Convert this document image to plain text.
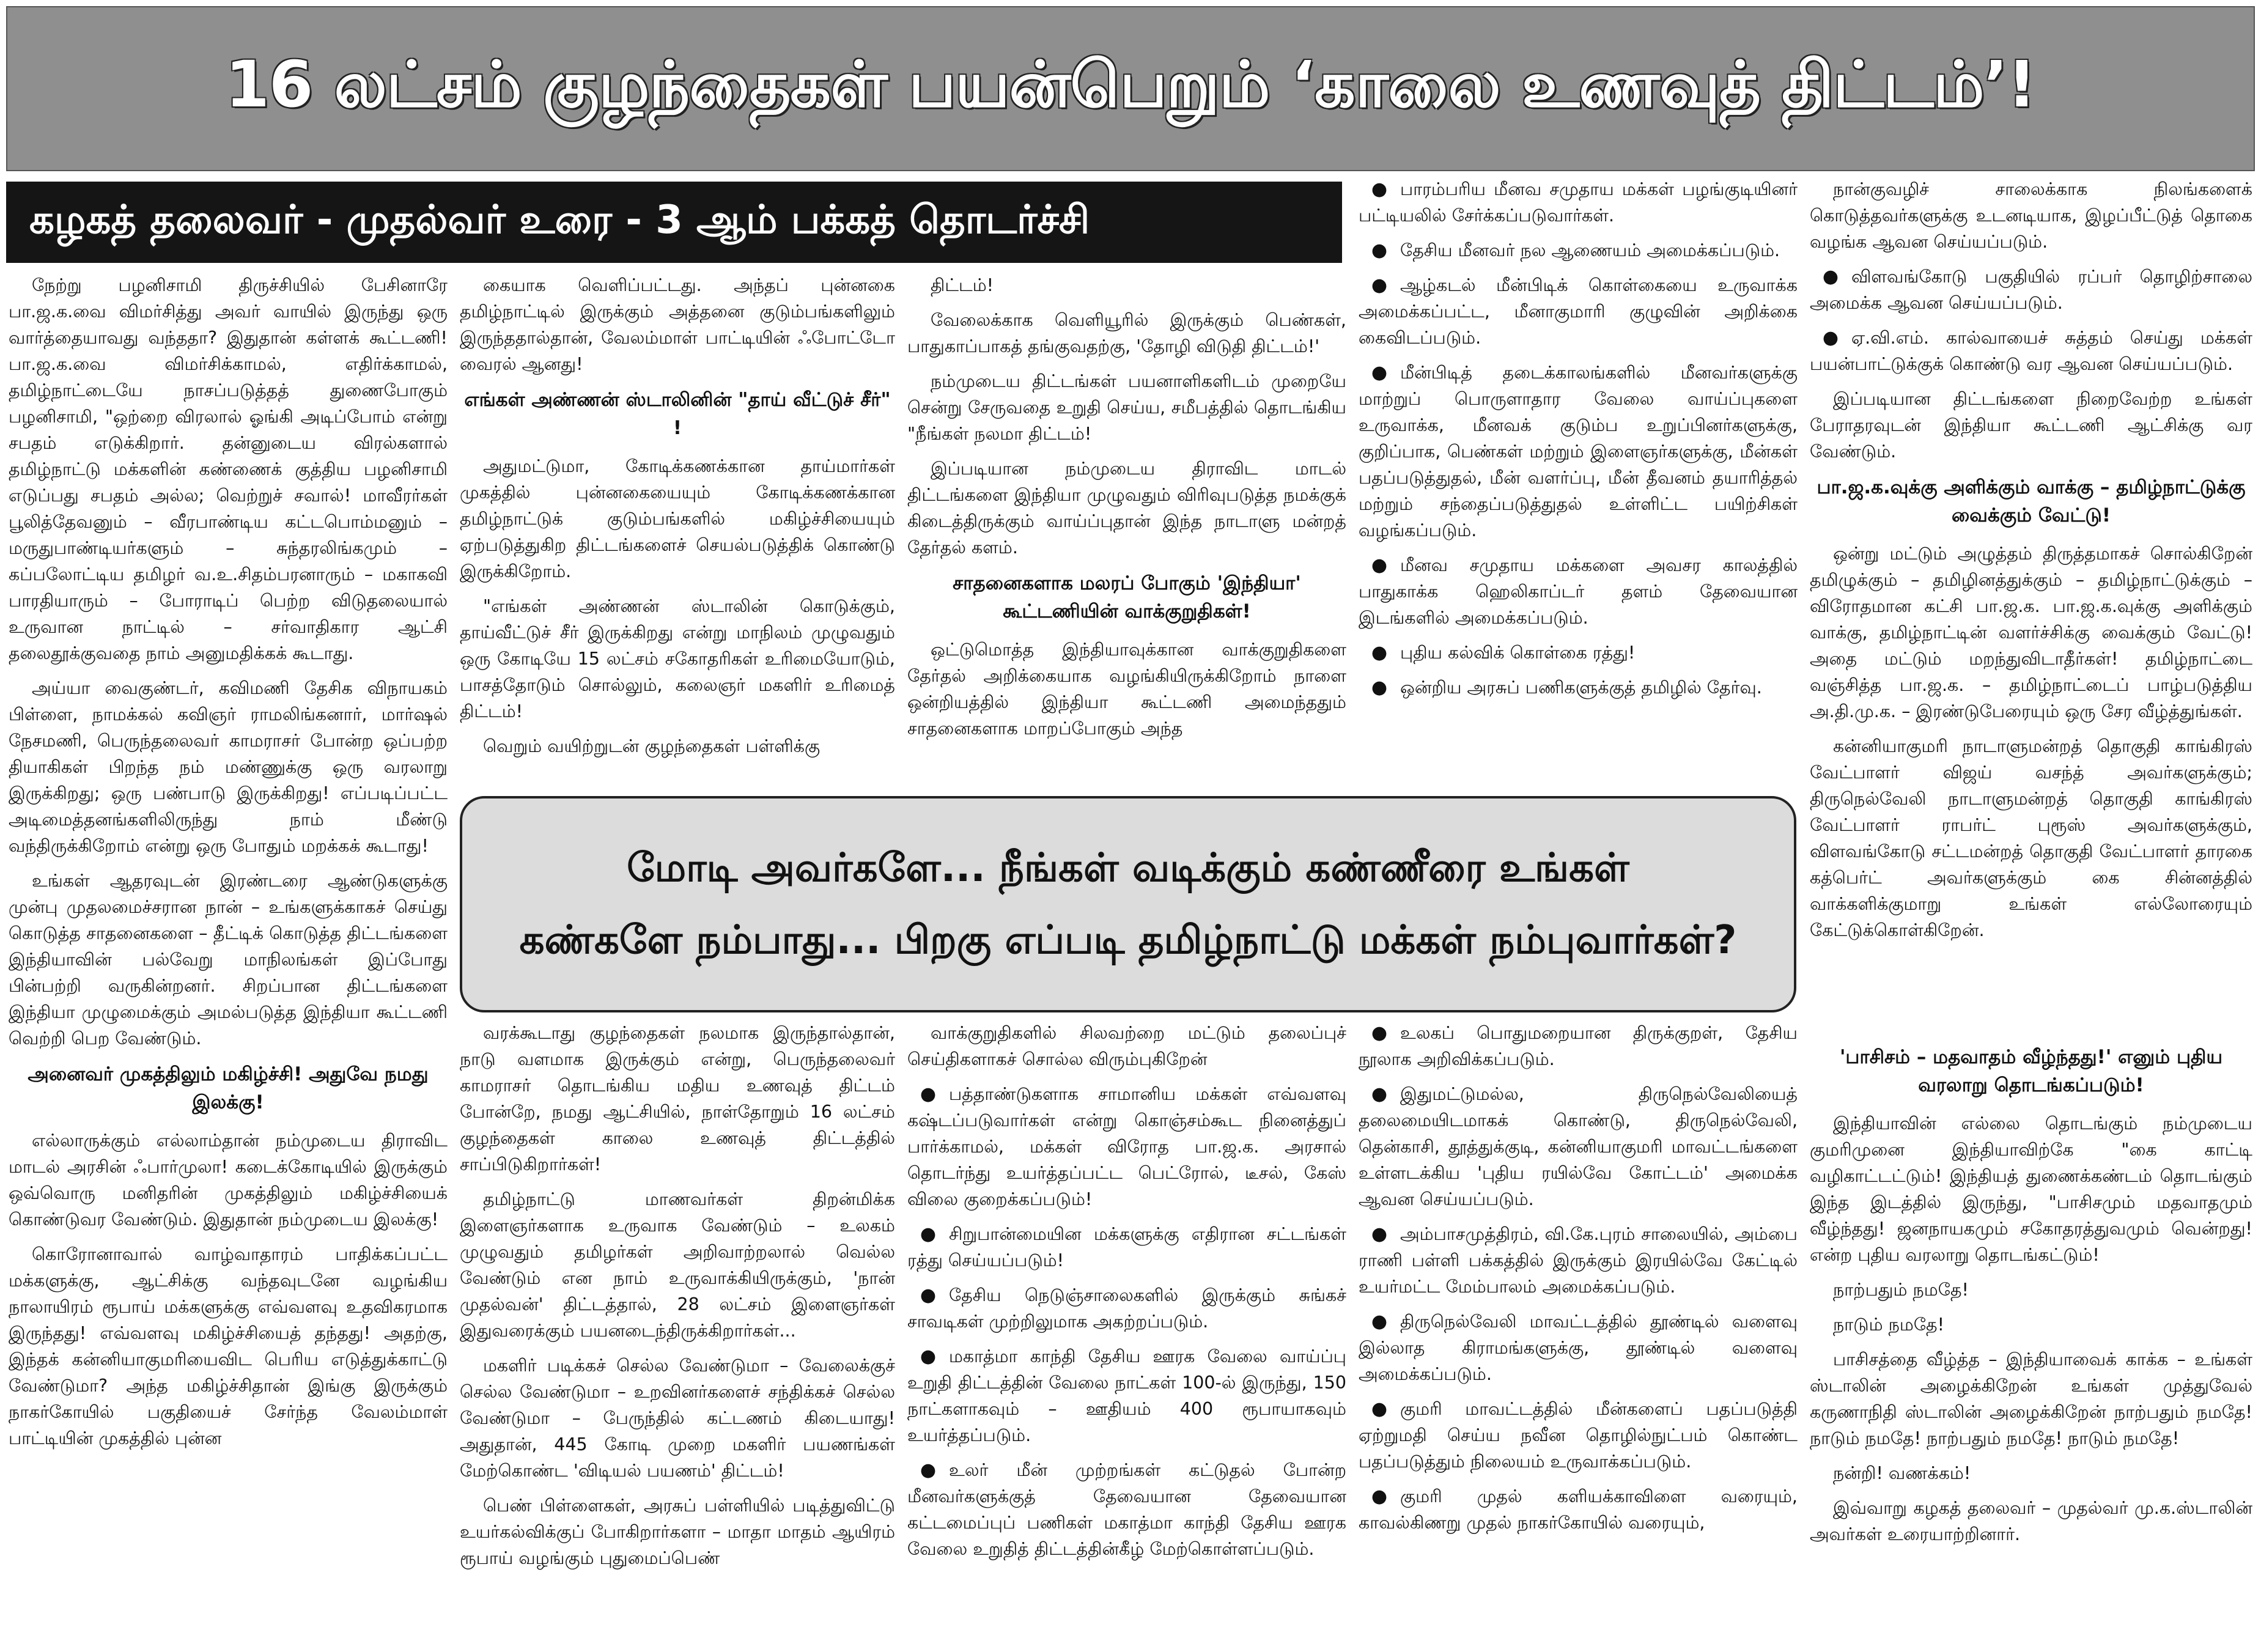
16 லட்சம் குழந்தைகள் பயன்பெறும் ‘காலை உணவுத் திட்டம்’!
கழகத் தலைவர் - முதல்வர் உரை - 3 ஆம் பக்கத் தொடர்ச்சி

நேற்று பழனிசாமி திருச்சியில் பேசினாரே பா.ஜ.க.வை விமர்சித்து அவர் வாயில் இருந்து ஒரு வார்த்தையாவது வந்ததா? இதுதான் கள்ளக் கூட்டணி! பா.ஜ.க.வை விமர்சிக்காமல், எதிர்க்காமல், தமிழ்நாட்டையே நாசப்படுத்தத் துணைபோகும் பழனிசாமி, "ஒற்றை விரலால் ஓங்கி அடிப்போம் என்று சபதம் எடுக்கிறார். தன்னுடைய விரல்களால் தமிழ்நாட்டு மக்களின் கண்ணைக் குத்திய பழனிசாமி எடுப்பது சபதம் அல்ல; வெற்றுச் சவால்! மாவீரர்கள் பூலித்தேவனும் – வீரபாண்டிய கட்டபொம்மனும் – மருதுபாண்டியர்களும் – சுந்தரலிங்கமும் – கப்பலோட்டிய தமிழர் வ.உ.சிதம்பரனாரும் – மகாகவி பாரதியாரும் – போராடிப் பெற்ற விடுதலையால் உருவான நாட்டில் – சர்வாதிகார ஆட்சி தலைதூக்குவதை நாம் அனுமதிக்கக் கூடாது.

அய்யா வைகுண்டர், கவிமணி தேசிக விநாயகம் பிள்ளை, நாமக்கல் கவிஞர் ராமலிங்கனார், மார்ஷல் நேசமணி, பெருந்தலைவர் காமராசர் போன்ற ஒப்பற்ற தியாகிகள் பிறந்த நம் மண்ணுக்கு ஒரு வரலாறு இருக்கிறது; ஒரு பண்பாடு இருக்கிறது! எப்படிப்பட்ட அடிமைத்தனங்களிலிருந்து நாம் மீண்டு வந்திருக்கிறோம் என்று ஒரு போதும் மறக்கக் கூடாது!

உங்கள் ஆதரவுடன் இரண்டரை ஆண்டுகளுக்கு முன்பு முதலமைச்சரான நான் – உங்களுக்காகச் செய்து கொடுத்த சாதனைகளை – தீட்டிக் கொடுத்த திட்டங்களை இந்தியாவின் பல்வேறு மாநிலங்கள் இப்போது பின்பற்றி வருகின்றனர். சிறப்பான திட்டங்களை இந்தியா முழுமைக்கும் அமல்படுத்த இந்தியா கூட்டணி வெற்றி பெற வேண்டும்.

அனைவர் முகத்திலும் மகிழ்ச்சி! அதுவே நமது இலக்கு!

எல்லாருக்கும் எல்லாம்தான் நம்முடைய திராவிட மாடல் அரசின் ஃபார்முலா! கடைக்கோடியில் இருக்கும் ஒவ்வொரு மனிதரின் முகத்திலும் மகிழ்ச்சியைக் கொண்டுவர வேண்டும். இதுதான் நம்முடைய இலக்கு!

கொரோனாவால் வாழ்வாதாரம் பாதிக்கப்பட்ட மக்களுக்கு, ஆட்சிக்கு வந்தவுடனே வழங்கிய நாலாயிரம் ரூபாய் மக்களுக்கு எவ்வளவு உதவிகரமாக இருந்தது! எவ்வளவு மகிழ்ச்சியைத் தந்தது! அதற்கு, இந்தக் கன்னியாகுமரியைவிட பெரிய எடுத்துக்காட்டு வேண்டுமா? அந்த மகிழ்ச்சிதான் இங்கு இருக்கும் நாகர்கோயில் பகுதியைச் சேர்ந்த வேலம்மாள் பாட்டியின் முகத்தில் புன்ன

கையாக வெளிப்பட்டது. அந்தப் புன்னகை தமிழ்நாட்டில் இருக்கும் அத்தனை குடும்பங்களிலும் இருந்ததால்தான், வேலம்மாள் பாட்டியின் ஃபோட்டோ வைரல் ஆனது!

எங்கள் அண்ணன் ஸ்டாலினின் "தாய் வீட்டுச் சீர்" !

அதுமட்டுமா, கோடிக்கணக்கான தாய்மார்கள் முகத்தில் புன்னகையையும் கோடிக்கணக்கான தமிழ்நாட்டுக் குடும்பங்களில் மகிழ்ச்சியையும் ஏற்படுத்துகிற திட்டங்களைச் செயல்படுத்திக் கொண்டு இருக்கிறோம்.

"எங்கள் அண்ணன் ஸ்டாலின் கொடுக்கும், தாய்வீட்டுச் சீர் இருக்கிறது என்று மாநிலம் முழுவதும் ஒரு கோடியே 15 லட்சம் சகோதரிகள் உரிமையோடும், பாசத்தோடும் சொல்லும், கலைஞர் மகளிர் உரிமைத் திட்டம்!

வெறும் வயிற்றுடன் குழந்தைகள் பள்ளிக்கு

திட்டம்!

வேலைக்காக வெளியூரில் இருக்கும் பெண்கள், பாதுகாப்பாகத் தங்குவதற்கு, 'தோழி விடுதி திட்டம்!'

நம்முடைய திட்டங்கள் பயனாளிகளிடம் முறையே சென்று சேருவதை உறுதி செய்ய, சமீபத்தில் தொடங்கிய "நீங்கள் நலமா திட்டம்!

இப்படியான நம்முடைய திராவிட மாடல் திட்டங்களை இந்தியா முழுவதும் விரிவுபடுத்த நமக்குக் கிடைத்திருக்கும் வாய்ப்புதான் இந்த நாடாளு மன்றத் தேர்தல் களம்.

சாதனைகளாக மலரப் போகும் 'இந்தியா' கூட்டணியின் வாக்குறுதிகள்!

ஒட்டுமொத்த இந்தியாவுக்கான வாக்குறுதிகளை தேர்தல் அறிக்கையாக வழங்கியிருக்கிறோம் நாளை ஒன்றியத்தில் இந்தியா கூட்டணி அமைந்ததும் சாதனைகளாக மாறப்போகும் அந்த

● பாரம்பரிய மீனவ சமுதாய மக்கள் பழங்குடியினர் பட்டியலில் சேர்க்கப்படுவார்கள்.

● தேசிய மீனவர் நல ஆணையம் அமைக்கப்படும்.

● ஆழ்கடல் மீன்பிடிக் கொள்கையை உருவாக்க அமைக்கப்பட்ட, மீனாகுமாரி குழுவின் அறிக்கை கைவிடப்படும்.

● மீன்பிடித் தடைக்காலங்களில் மீனவர்களுக்கு மாற்றுப் பொருளாதார வேலை வாய்ப்புகளை உருவாக்க, மீனவக் குடும்ப உறுப்பினர்களுக்கு, குறிப்பாக, பெண்கள் மற்றும் இளைஞர்களுக்கு, மீன்கள் பதப்படுத்துதல், மீன் வளர்ப்பு, மீன் தீவனம் தயாரித்தல் மற்றும் சந்தைப்படுத்துதல் உள்ளிட்ட பயிற்சிகள் வழங்கப்படும்.

● மீனவ சமுதாய மக்களை அவசர காலத்தில் பாதுகாக்க ஹெலிகாப்டர் தளம் தேவையான இடங்களில் அமைக்கப்படும்.

● புதிய கல்விக் கொள்கை ரத்து!

● ஒன்றிய அரசுப் பணிகளுக்குத் தமிழில் தேர்வு.

நான்குவழிச் சாலைக்காக நிலங்களைக் கொடுத்தவர்களுக்கு உடனடியாக, இழப்பீட்டுத் தொகை வழங்க ஆவன செய்யப்படும்.

● விளவங்கோடு பகுதியில் ரப்பர் தொழிற்சாலை அமைக்க ஆவன செய்யப்படும்.

● ஏ.வி.எம். கால்வாயைச் சுத்தம் செய்து மக்கள் பயன்பாட்டுக்குக் கொண்டு வர ஆவன செய்யப்படும்.

இப்படியான திட்டங்களை நிறைவேற்ற உங்கள் பேராதரவுடன் இந்தியா கூட்டணி ஆட்சிக்கு வர வேண்டும்.

பா.ஜ.க.வுக்கு அளிக்கும் வாக்கு – தமிழ்நாட்டுக்கு வைக்கும் வேட்டு!

ஒன்று மட்டும் அழுத்தம் திருத்தமாகச் சொல்கிறேன் தமிழுக்கும் – தமிழினத்துக்கும் – தமிழ்நாட்டுக்கும் – விரோதமான கட்சி பா.ஜ.க. பா.ஜ.க.வுக்கு அளிக்கும் வாக்கு, தமிழ்நாட்டின் வளர்ச்சிக்கு வைக்கும் வேட்டு! அதை மட்டும் மறந்துவிடாதீர்கள்! தமிழ்நாட்டை வஞ்சித்த பா.ஜ.க. – தமிழ்நாட்டைப் பாழ்படுத்திய அ.தி.மு.க. – இரண்டுபேரையும் ஒரு சேர வீழ்த்துங்கள்.

கன்னியாகுமரி நாடாளுமன்றத் தொகுதி காங்கிரஸ் வேட்பாளர் விஜய் வசந்த் அவர்களுக்கும்; திருநெல்வேலி நாடாளுமன்றத் தொகுதி காங்கிரஸ் வேட்பாளர் ராபர்ட் புரூஸ் அவர்களுக்கும், விளவங்கோடு சட்டமன்றத் தொகுதி வேட்பாளர் தாரகை கத்பெர்ட் அவர்களுக்கும் கை சின்னத்தில் வாக்களிக்குமாறு உங்கள் எல்லோரையும் கேட்டுக்கொள்கிறேன்.

மோடி அவர்களே... நீங்கள் வடிக்கும் கண்ணீரை உங்கள்
கண்களே நம்பாது... பிறகு எப்படி தமிழ்நாட்டு மக்கள் நம்புவார்கள்?

வரக்கூடாது குழந்தைகள் நலமாக இருந்தால்தான், நாடு வளமாக இருக்கும் என்று, பெருந்தலைவர் காமராசர் தொடங்கிய மதிய உணவுத் திட்டம் போன்றே, நமது ஆட்சியில், நாள்தோறும் 16 லட்சம் குழந்தைகள் காலை உணவுத் திட்டத்தில் சாப்பிடுகிறார்கள்!

தமிழ்நாட்டு மாணவர்கள் திறன்மிக்க இளைஞர்களாக உருவாக வேண்டும் – உலகம் முழுவதும் தமிழர்கள் அறிவாற்றலால் வெல்ல வேண்டும் என நாம் உருவாக்கியிருக்கும், 'நான் முதல்வன்' திட்டத்தால், 28 லட்சம் இளைஞர்கள் இதுவரைக்கும் பயனடைந்திருக்கிறார்கள்...

மகளிர் படிக்கச் செல்ல வேண்டுமா – வேலைக்குச் செல்ல வேண்டுமா – உறவினர்களைச் சந்திக்கச் செல்ல வேண்டுமா – பேருந்தில் கட்டணம் கிடையாது! அதுதான், 445 கோடி முறை மகளிர் பயணங்கள் மேற்கொண்ட 'விடியல் பயணம்' திட்டம்!

பெண் பிள்ளைகள், அரசுப் பள்ளியில் படித்துவிட்டு உயர்கல்விக்குப் போகிறார்களா – மாதா மாதம் ஆயிரம் ரூபாய் வழங்கும் புதுமைப்பெண்

வாக்குறுதிகளில் சிலவற்றை மட்டும் தலைப்புச் செய்திகளாகச் சொல்ல விரும்புகிறேன்

● பத்தாண்டுகளாக சாமானிய மக்கள் எவ்வளவு கஷ்டப்படுவார்கள் என்று கொஞ்சம்கூட நினைத்துப் பார்க்காமல், மக்கள் விரோத பா.ஜ.க. அரசால் தொடர்ந்து உயர்த்தப்பட்ட பெட்ரோல், டீசல், கேஸ் விலை குறைக்கப்படும்!

● சிறுபான்மையின மக்களுக்கு எதிரான சட்டங்கள் ரத்து செய்யப்படும்!

● தேசிய நெடுஞ்சாலைகளில் இருக்கும் சுங்கச் சாவடிகள் முற்றிலுமாக அகற்றப்படும்.

● மகாத்மா காந்தி தேசிய ஊரக வேலை வாய்ப்பு உறுதி திட்டத்தின் வேலை நாட்கள் 100-ல் இருந்து, 150 நாட்களாகவும் – ஊதியம் 400 ரூபாயாகவும் உயர்த்தப்படும்.

● உலர் மீன் முற்றங்கள் கட்டுதல் போன்ற மீனவர்களுக்குத் தேவையான தேவையான கட்டமைப்புப் பணிகள் மகாத்மா காந்தி தேசிய ஊரக வேலை உறுதித் திட்டத்தின்கீழ் மேற்கொள்ளப்படும்.

● உலகப் பொதுமறையான திருக்குறள், தேசிய நூலாக அறிவிக்கப்படும்.

● இதுமட்டுமல்ல, திருநெல்வேலியைத் தலைமையிடமாகக் கொண்டு, திருநெல்வேலி, தென்காசி, தூத்துக்குடி, கன்னியாகுமரி மாவட்டங்களை உள்ளடக்கிய 'புதிய ரயில்வே கோட்டம்' அமைக்க ஆவன செய்யப்படும்.

● அம்பாசமுத்திரம், வி.கே.புரம் சாலையில், அம்பை ராணி பள்ளி பக்கத்தில் இருக்கும் இரயில்வே கேட்டில் உயர்மட்ட மேம்பாலம் அமைக்கப்படும்.

● திருநெல்வேலி மாவட்டத்தில் தூண்டில் வளைவு இல்லாத கிராமங்களுக்கு, தூண்டில் வளைவு அமைக்கப்படும்.

● குமரி மாவட்டத்தில் மீன்களைப் பதப்படுத்தி ஏற்றுமதி செய்ய நவீன தொழில்நுட்பம் கொண்ட பதப்படுத்தும் நிலையம் உருவாக்கப்படும்.

● குமரி முதல் களியக்காவிளை வரையும், காவல்கிணறு முதல் நாகர்கோயில் வரையும்,

'பாசிசம் – மதவாதம் வீழ்ந்தது!' எனும் புதிய வரலாறு தொடங்கப்படும்!

இந்தியாவின் எல்லை தொடங்கும் நம்முடைய குமரிமுனை இந்தியாவிற்கே "கை காட்டி வழிகாட்டட்டும்! இந்தியத் துணைக்கண்டம் தொடங்கும் இந்த இடத்தில் இருந்து, "பாசிசமும் மதவாதமும் வீழ்ந்தது! ஜனநாயகமும் சகோதரத்துவமும் வென்றது! என்ற புதிய வரலாறு தொடங்கட்டும்!

நாற்பதும் நமதே!

நாடும் நமதே!

பாசிசத்தை வீழ்த்த – இந்தியாவைக் காக்க – உங்கள் ஸ்டாலின் அழைக்கிறேன் உங்கள் முத்துவேல் கருணாநிதி ஸ்டாலின் அழைக்கிறேன் நாற்பதும் நமதே! நாடும் நமதே! நாற்பதும் நமதே! நாடும் நமதே!

நன்றி! வணக்கம்!

இவ்வாறு கழகத் தலைவர் – முதல்வர் மு.க.ஸ்டாலின் அவர்கள் உரையாற்றினார்.
